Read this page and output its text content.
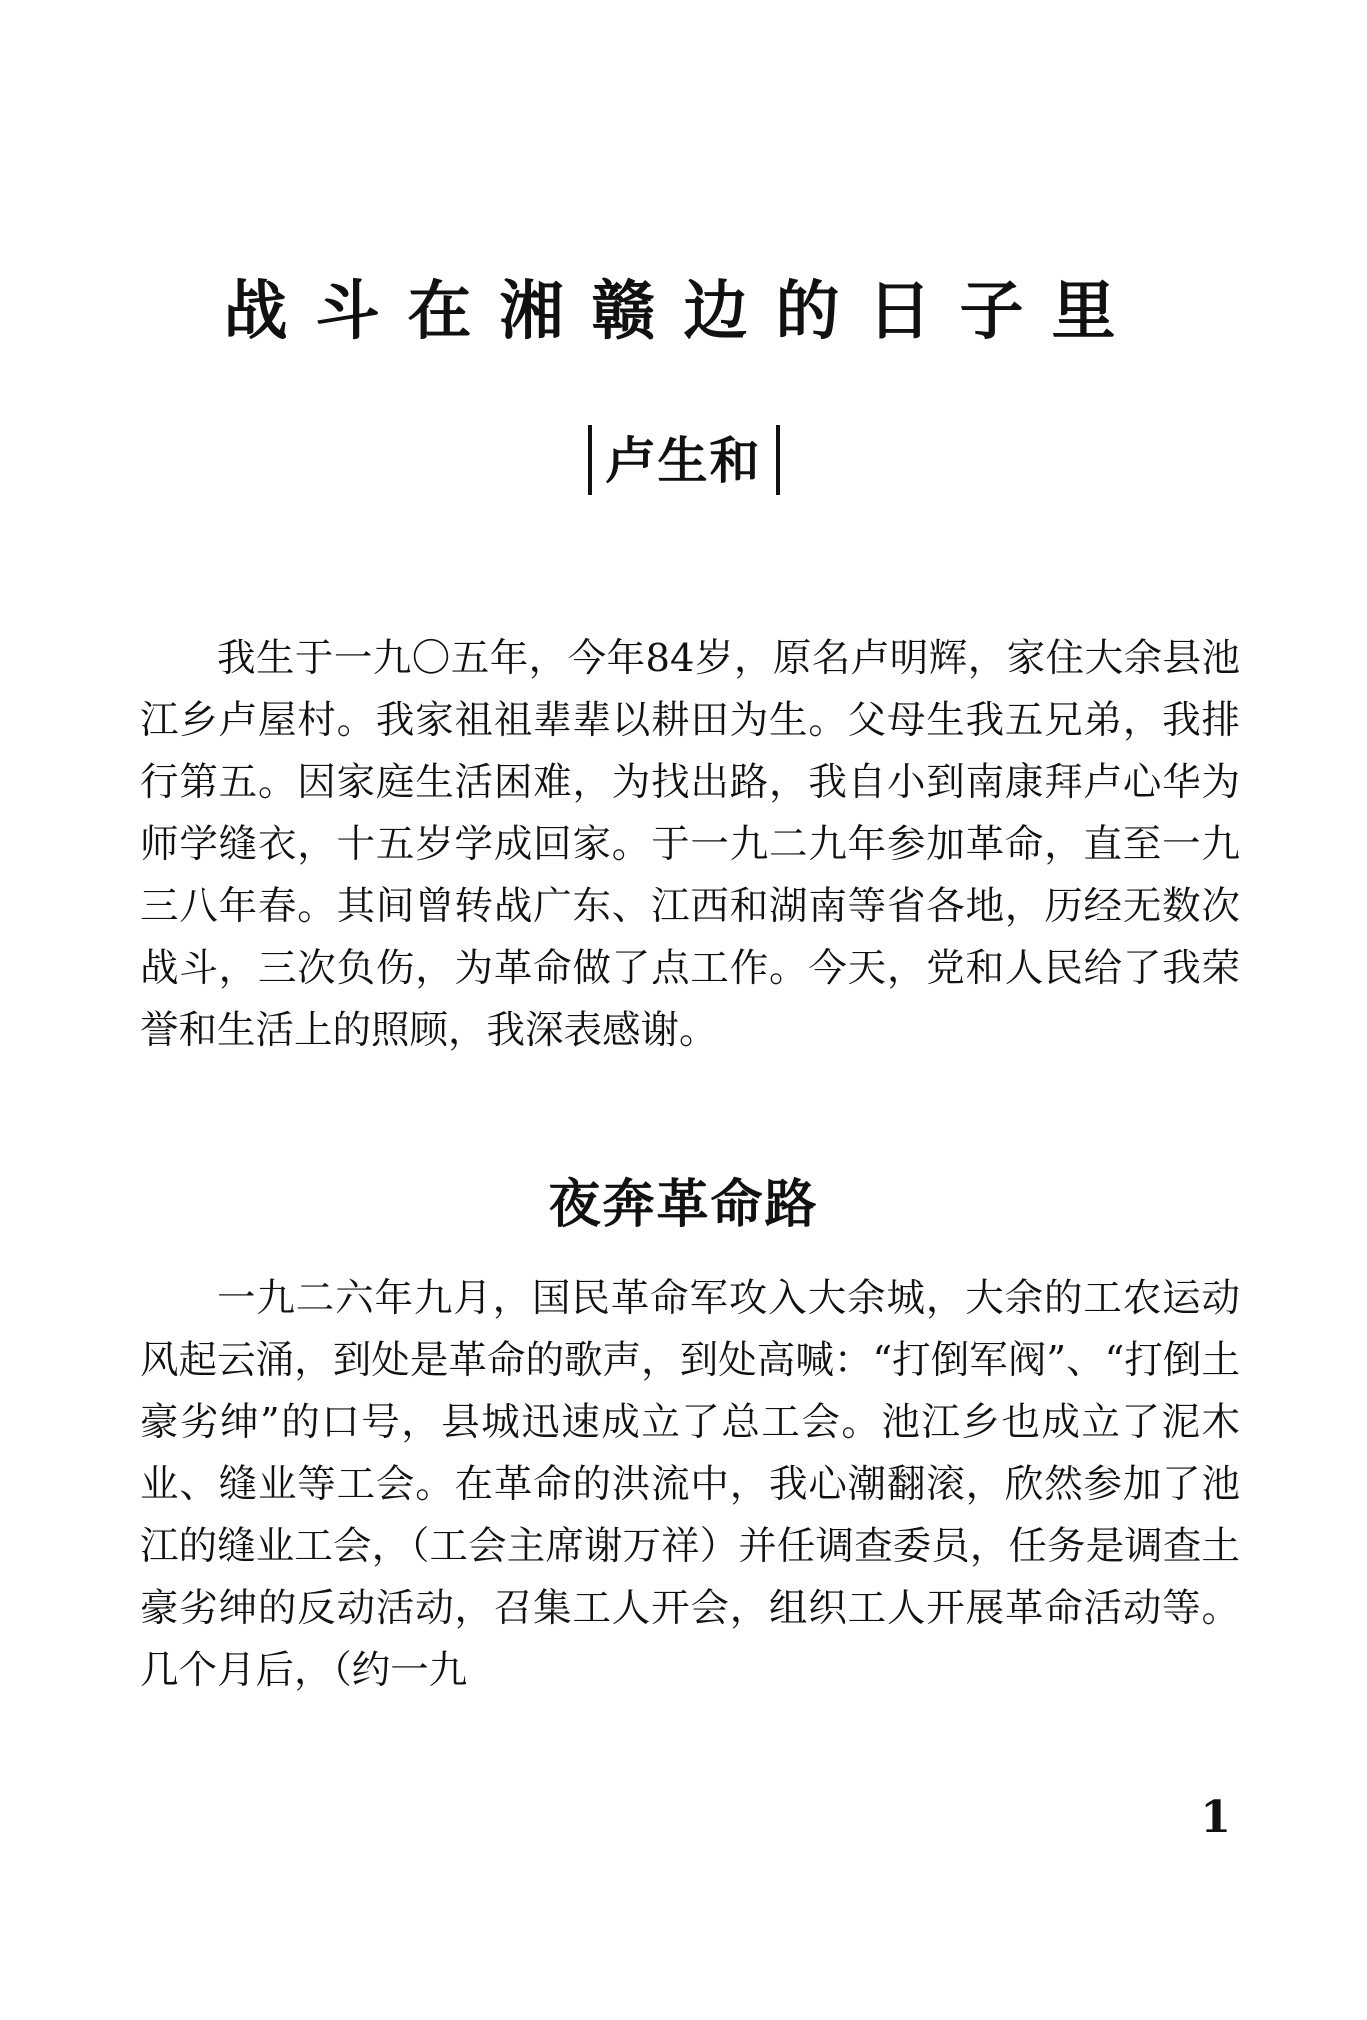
战斗在湘赣边的日子里
卢生和

我生于一九〇五年，今年84岁，原名卢明辉，家住大余县池江乡卢屋村。我家祖祖辈辈以耕田为生。父母生我五兄弟，我排行第五。因家庭生活困难，为找出路，我自小到南康拜卢心华为师学缝衣，十五岁学成回家。于一九二九年参加革命，直至一九三八年春。其间曾转战广东、江西和湖南等省各地，历经无数次战斗，三次负伤，为革命做了点工作。今天，党和人民给了我荣誉和生活上的照顾，我深表感谢。

夜奔革命路

一九二六年九月，国民革命军攻入大余城，大余的工农运动风起云涌，到处是革命的歌声，到处高喊：“打倒军阀”、“打倒土豪劣绅”的口号，县城迅速成立了总工会。池江乡也成立了泥木业、缝业等工会。在革命的洪流中，我心潮翻滚，欣然参加了池江的缝业工会，（工会主席谢万祥）并任调查委员，任务是调查土豪劣绅的反动活动，召集工人开会，组织工人开展革命活动等。几个月后，（约一九

1
